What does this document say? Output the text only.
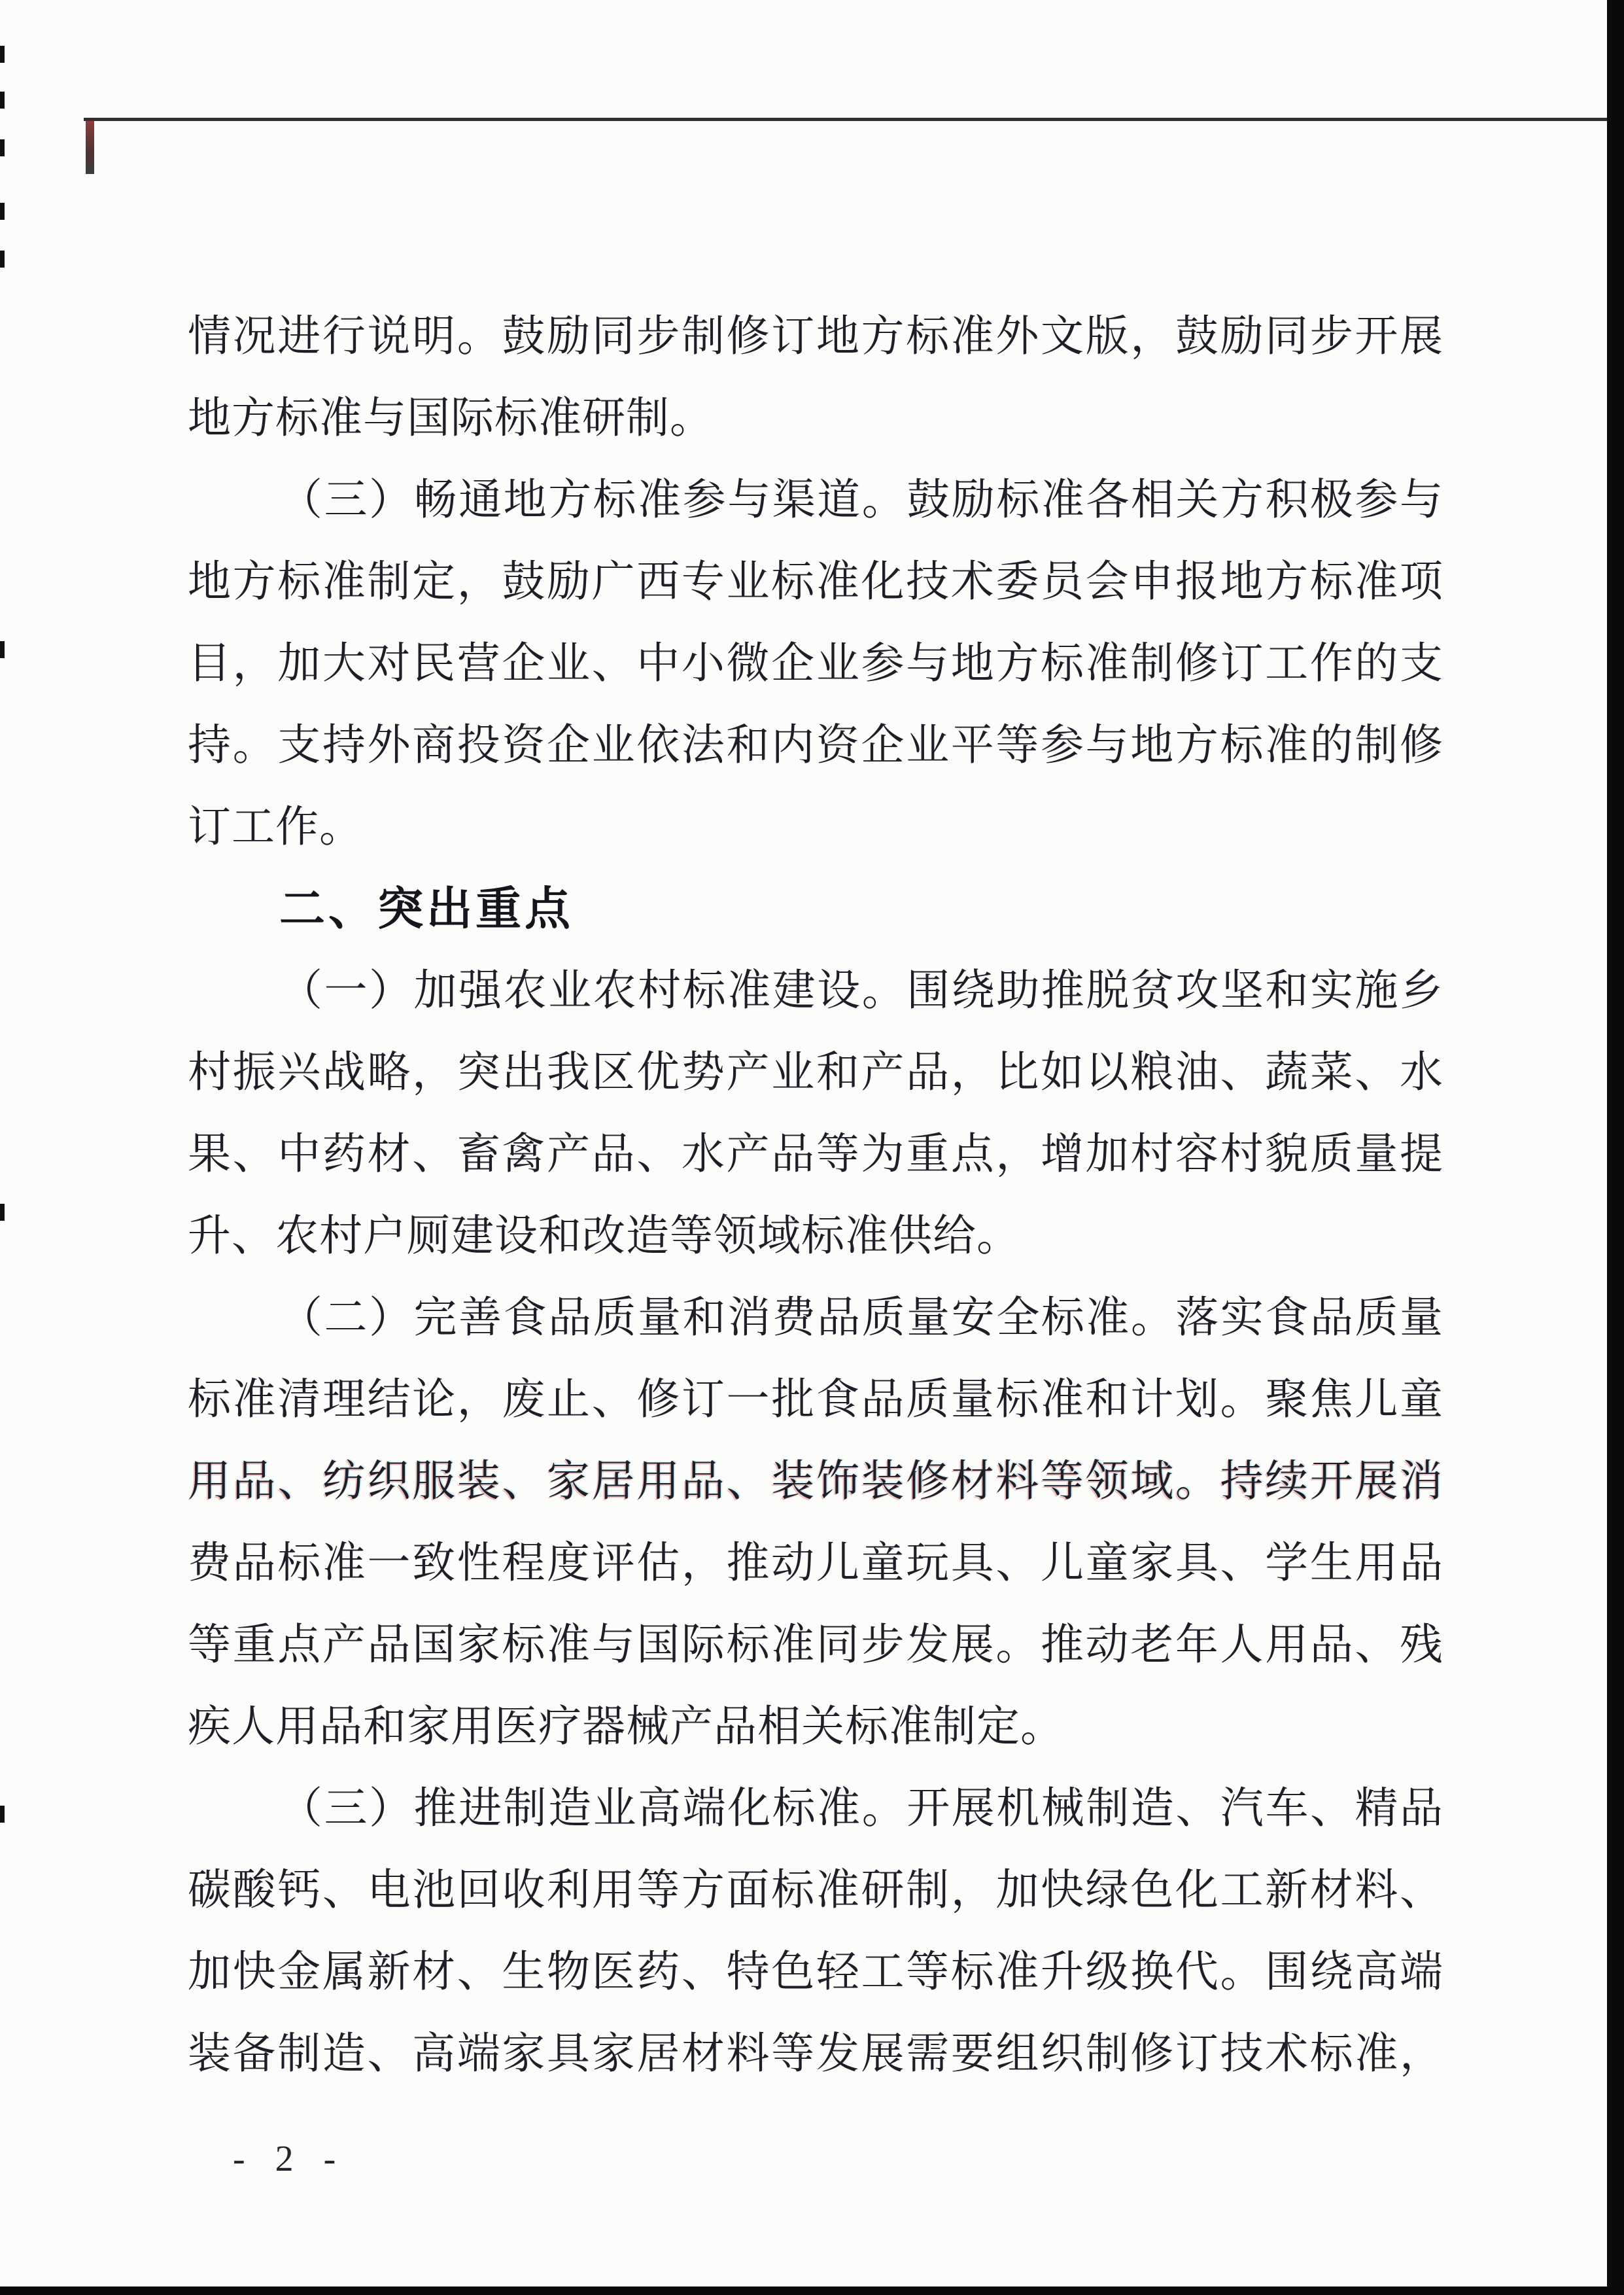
情况进行说明。鼓励同步制修订地方标准外文版，鼓励同步开展
地方标准与国际标准研制。
（三）畅通地方标准参与渠道。鼓励标准各相关方积极参与
地方标准制定，鼓励广西专业标准化技术委员会申报地方标准项
目，加大对民营企业、中小微企业参与地方标准制修订工作的支
持。支持外商投资企业依法和内资企业平等参与地方标准的制修
订工作。
二、突出重点
（一）加强农业农村标准建设。围绕助推脱贫攻坚和实施乡
村振兴战略，突出我区优势产业和产品，比如以粮油、蔬菜、水
果、中药材、畜禽产品、水产品等为重点，增加村容村貌质量提
升、农村户厕建设和改造等领域标准供给。
（二）完善食品质量和消费品质量安全标准。落实食品质量
标准清理结论，废止、修订一批食品质量标准和计划。聚焦儿童
用品、纺织服装、家居用品、装饰装修材料等领域。持续开展消
费品标准一致性程度评估，推动儿童玩具、儿童家具、学生用品
等重点产品国家标准与国际标准同步发展。推动老年人用品、残
疾人用品和家用医疗器械产品相关标准制定。
（三）推进制造业高端化标准。开展机械制造、汽车、精品
碳酸钙、电池回收利用等方面标准研制，加快绿色化工新材料、
加快金属新材、生物医药、特色轻工等标准升级换代。围绕高端
装备制造、高端家具家居材料等发展需要组织制修订技术标准，
- 2 -
